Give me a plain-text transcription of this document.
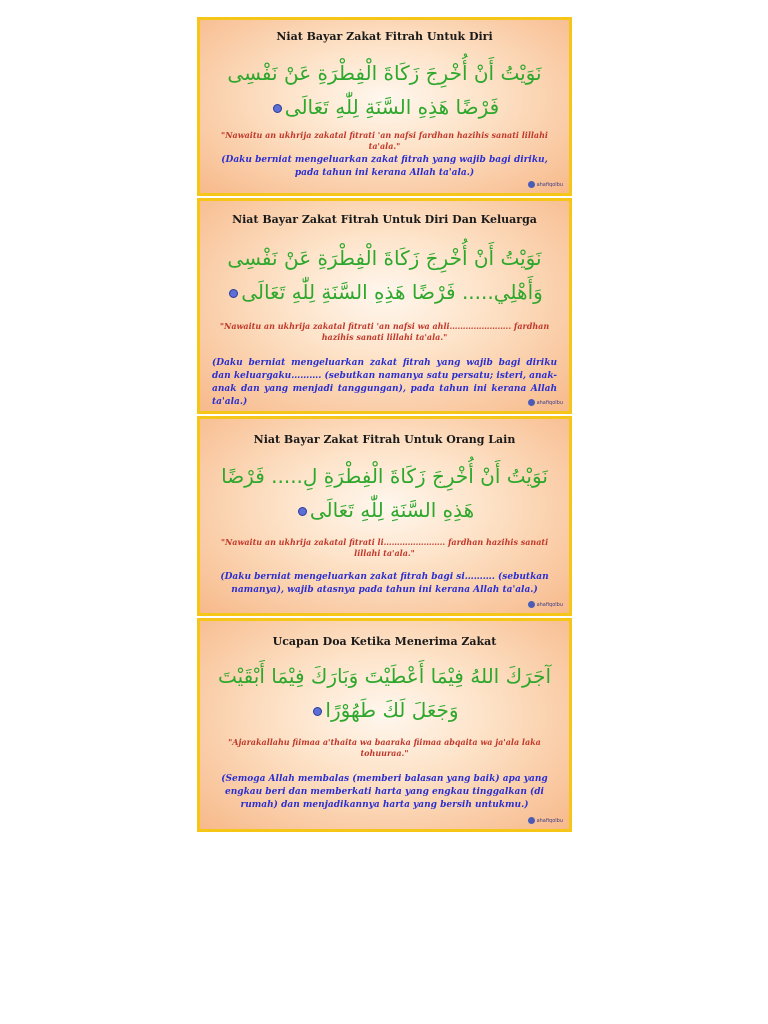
Niat Bayar Zakat Fitrah Untuk Diri
نَوَيْتُ أَنْ أُخْرِجَ زَكَاةَ الْفِطْرَةِ عَنْ نَفْسِى فَرْضًا هَذِهِ السَّنَةِ لِلّٰهِ تَعَالَى
"Nawaitu an ukhrija zakatal fitrati 'an nafsi fardhan hazihis sanati lillahi ta'ala."
(Daku berniat mengeluarkan zakat fitrah yang wajib bagi diriku, pada tahun ini kerana Allah ta'ala.)
ahafiqolbu
Niat Bayar Zakat Fitrah Untuk Diri Dan Keluarga
نَوَيْتُ أَنْ أُخْرِجَ زَكَاةَ الْفِطْرَةِ عَنْ نَفْسِى وَأَهْلِي..... فَرْضًا هَذِهِ السَّنَةِ لِلّٰهِ تَعَالَى
"Nawaitu an ukhrija zakatal fitrati 'an nafsi wa ahli………………….. fardhan hazihis sanati lillahi ta'ala."
(Daku berniat mengeluarkan zakat fitrah yang wajib bagi diriku dan keluargaku………. (sebutkan namanya satu persatu; isteri, anak-anak dan yang menjadi tanggungan), pada tahun ini kerana Allah ta'ala.)	ahafiqolbu
Niat Bayar Zakat Fitrah Untuk Orang Lain
نَوَيْتُ أَنْ أُخْرِجَ زَكَاةَ الْفِطْرَةِ لِ..... فَرْضًا هَذِهِ السَّنَةِ لِلّٰهِ تَعَالَى
"Nawaitu an ukhrija zakatal fitrati li………………….. fardhan hazihis sanati lillahi ta'ala."
(Daku berniat mengeluarkan zakat fitrah bagi si………. (sebutkan namanya), wajib atasnya pada tahun ini kerana Allah ta'ala.)
ahafiqolbu
Ucapan Doa Ketika Menerima Zakat
آجَرَكَ اللهُ فِيْمَا أَعْطَيْتَ وَبَارَكَ فِيْمَا أَبْقَيْتَ وَجَعَلَ لَكَ طَهُوْرًا
"Ajarakallahu fiimaa a'thaita wa baaraka fiimaa abqaita wa ja'ala laka tohuuraa."
(Semoga Allah membalas (memberi balasan yang baik) apa yang engkau beri dan memberkati harta yang engkau tinggalkan (di rumah) dan menjadikannya harta yang bersih untukmu.)
ahafiqolbu
